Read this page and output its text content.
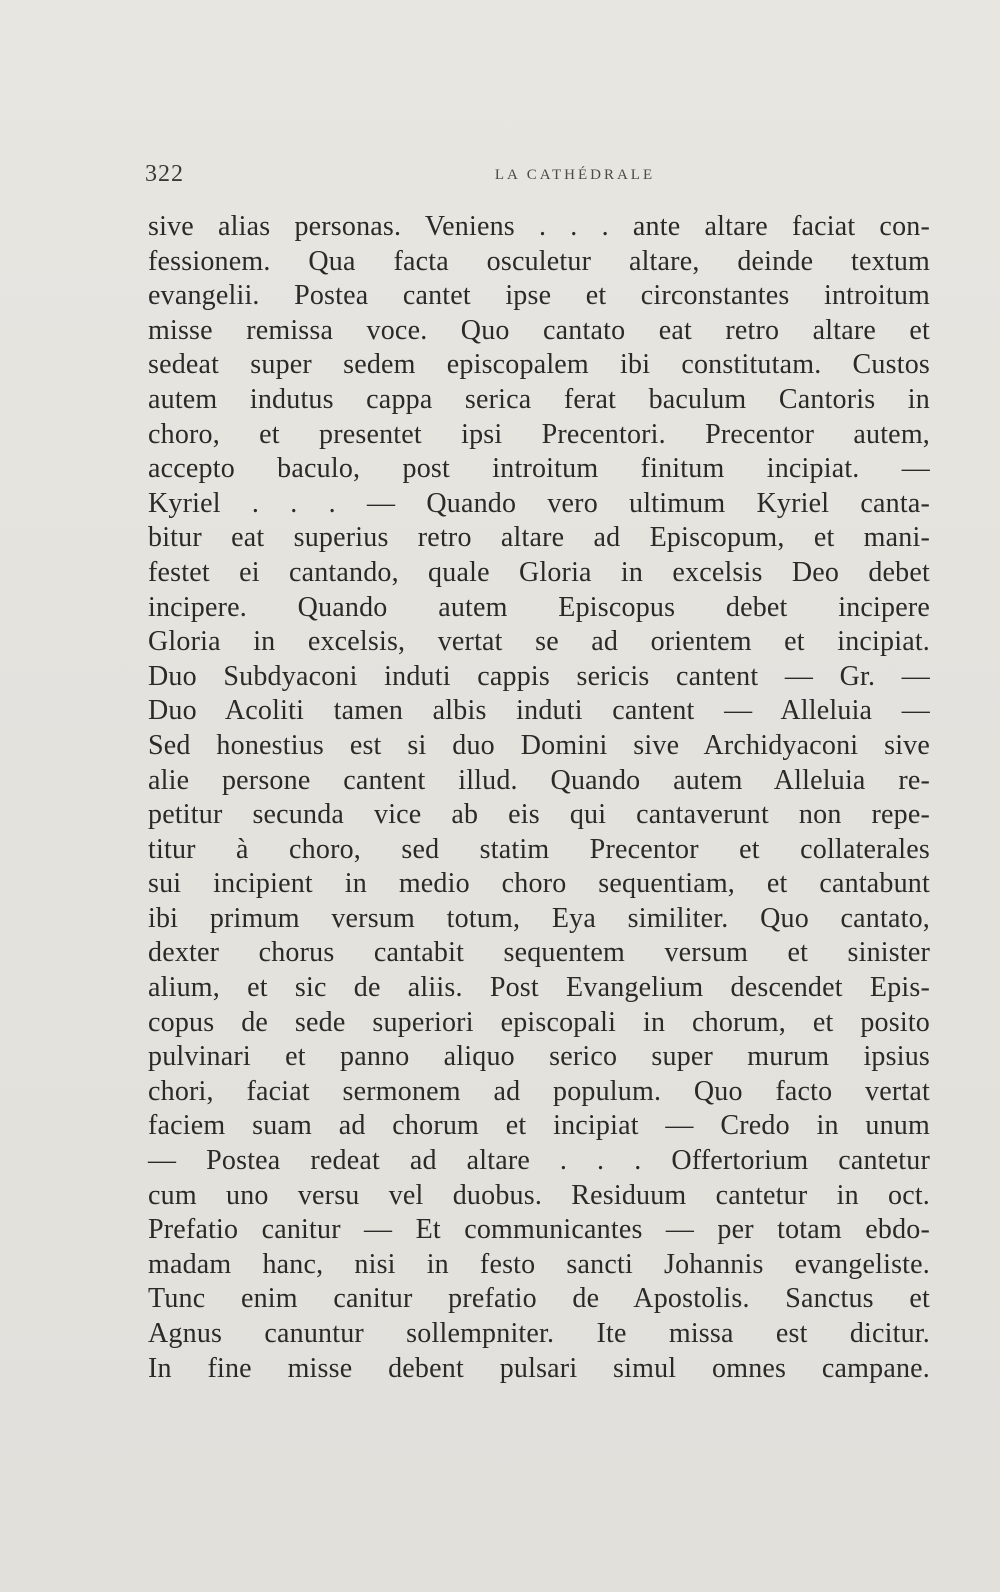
322	LA CATHÉDRALE
sive alias personas. Veniens . . . ante altare faciat con-
fessionem. Qua facta osculetur altare, deinde textum
evangelii. Postea cantet ipse et circonstantes introitum
misse remissa voce. Quo cantato eat retro altare et
sedeat super sedem episcopalem ibi constitutam. Custos
autem indutus cappa serica ferat baculum Cantoris in
choro, et presentet ipsi Precentori. Precentor autem,
accepto baculo, post introitum finitum incipiat. —
Kyriel . . . — Quando vero ultimum Kyriel canta-
bitur eat superius retro altare ad Episcopum, et mani-
festet ei cantando, quale Gloria in excelsis Deo debet
incipere. Quando autem Episcopus debet incipere
Gloria in excelsis, vertat se ad orientem et incipiat.
Duo Subdyaconi induti cappis sericis cantent — Gr. —
Duo Acoliti tamen albis induti cantent — Alleluia —
Sed honestius est si duo Domini sive Archidyaconi sive
alie persone cantent illud. Quando autem Alleluia re-
petitur secunda vice ab eis qui cantaverunt non repe-
titur à choro, sed statim Precentor et collaterales
sui incipient in medio choro sequentiam, et cantabunt
ibi primum versum totum, Eya similiter. Quo cantato,
dexter chorus cantabit sequentem versum et sinister
alium, et sic de aliis. Post Evangelium descendet Epis-
copus de sede superiori episcopali in chorum, et posito
pulvinari et panno aliquo serico super murum ipsius
chori, faciat sermonem ad populum. Quo facto vertat
faciem suam ad chorum et incipiat — Credo in unum
— Postea redeat ad altare . . . Offertorium cantetur
cum uno versu vel duobus. Residuum cantetur in oct.
Prefatio canitur — Et communicantes — per totam ebdo-
madam hanc, nisi in festo sancti Johannis evangeliste.
Tunc enim canitur prefatio de Apostolis. Sanctus et
Agnus canuntur sollempniter. Ite missa est dicitur.
In fine misse debent pulsari simul omnes campane.
